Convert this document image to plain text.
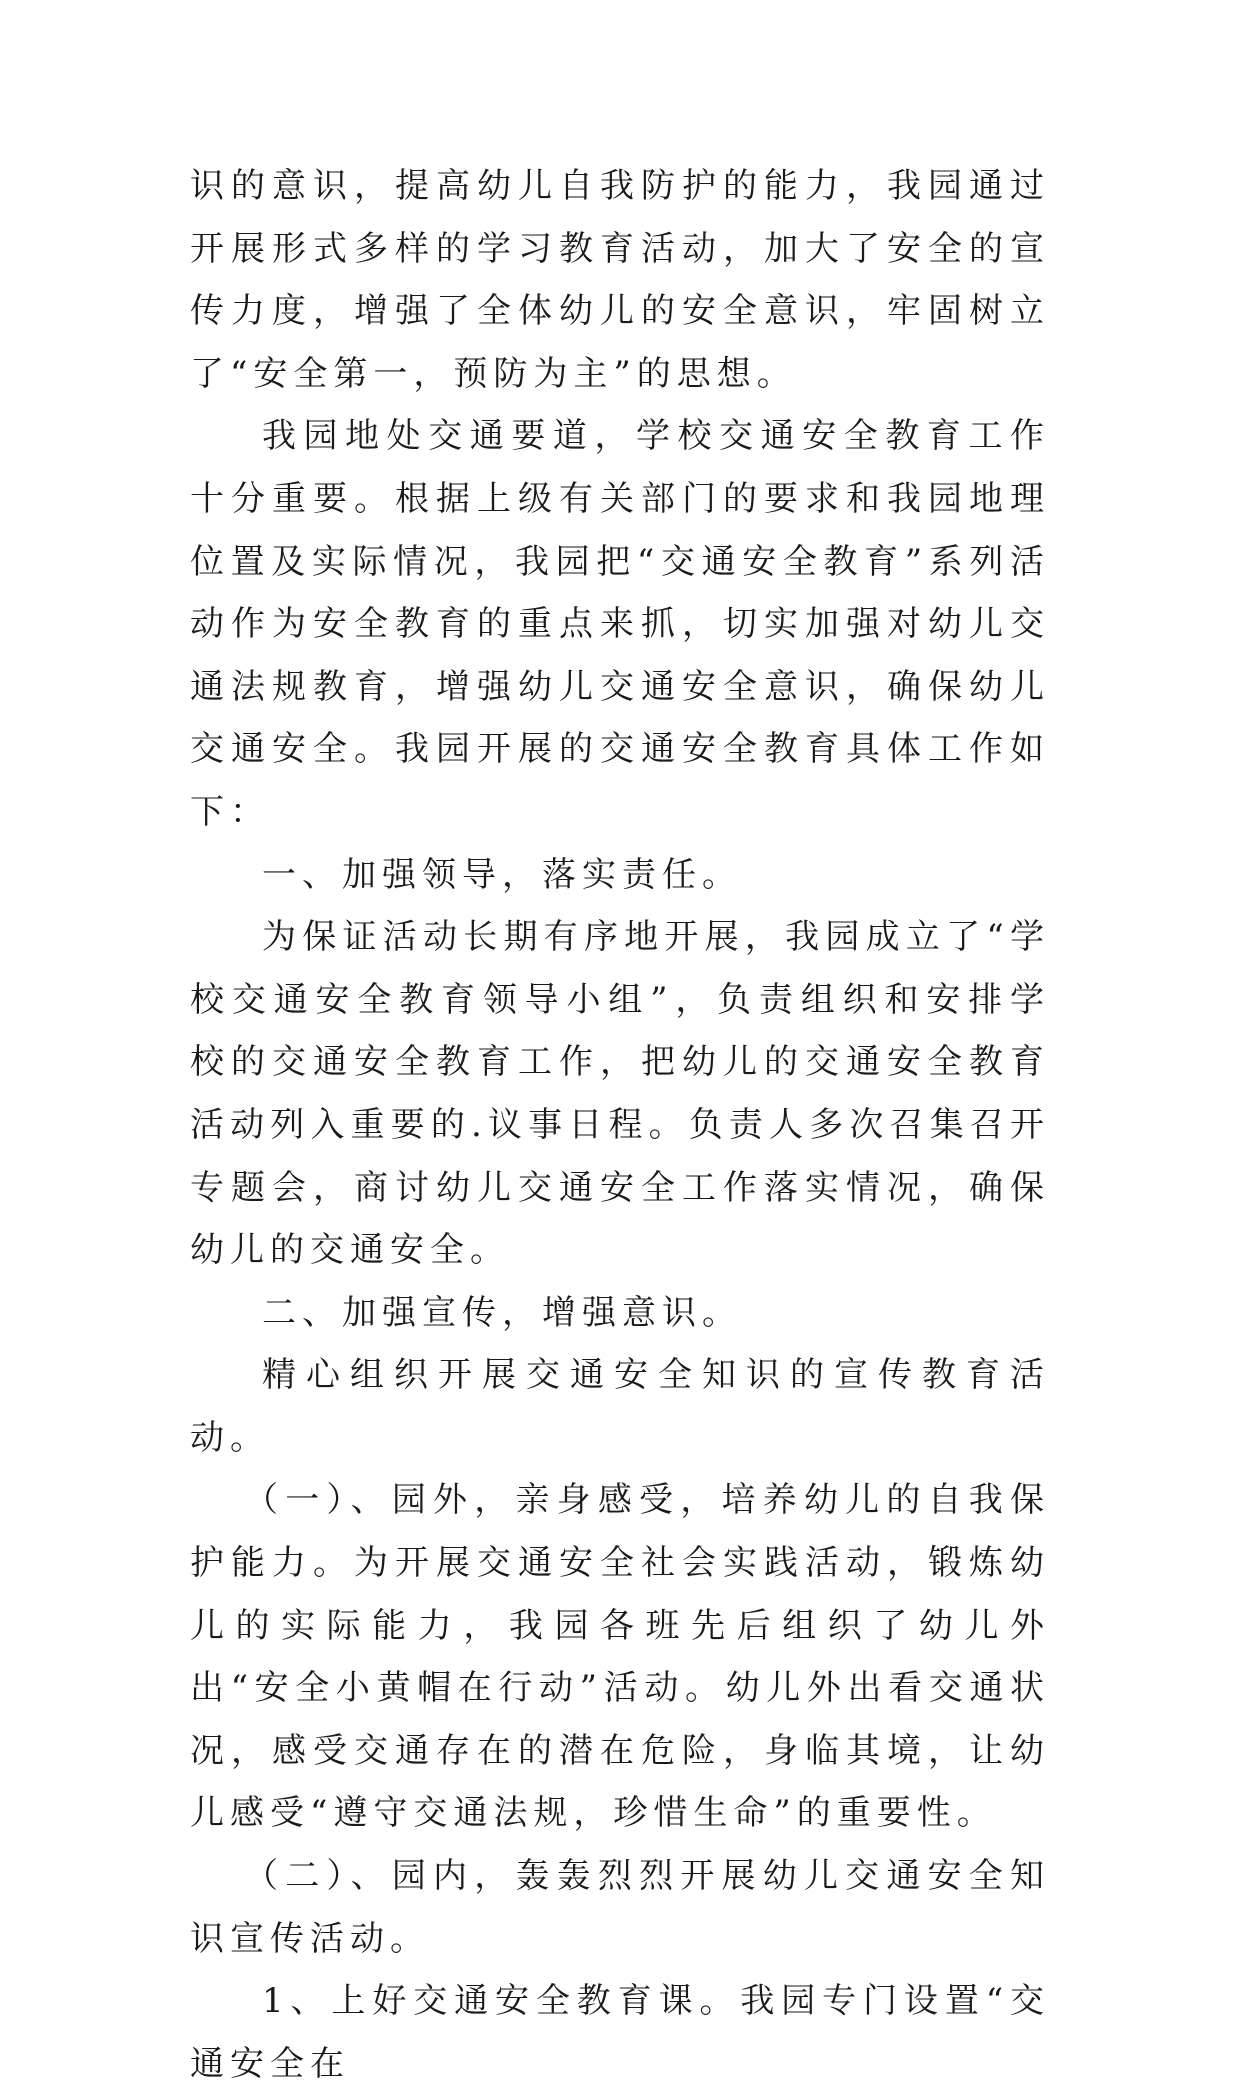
识的意识，提高幼儿自我防护的能力，我园通过开展形式多样的学习教育活动，加大了安全的宣传力度，增强了全体幼儿的安全意识，牢固树立了“安全第一，预防为主”的思想。

我园地处交通要道，学校交通安全教育工作十分重要。根据上级有关部门的要求和我园地理位置及实际情况，我园把“交通安全教育”系列活动作为安全教育的重点来抓，切实加强对幼儿交通法规教育，增强幼儿交通安全意识，确保幼儿交通安全。我园开展的交通安全教育具体工作如下：

一、加强领导，落实责任。

为保证活动长期有序地开展，我园成立了“学校交通安全教育领导小组”，负责组织和安排学校的交通安全教育工作，把幼儿的交通安全教育活动列入重要的.议事日程。负责人多次召集召开专题会，商讨幼儿交通安全工作落实情况，确保幼儿的交通安全。

二、加强宣传，增强意识。

精心组织开展交通安全知识的宣传教育活动。

（一）、园外，亲身感受，培养幼儿的自我保护能力。为开展交通安全社会实践活动，锻炼幼儿的实际能力，我园各班先后组织了幼儿外出“安全小黄帽在行动”活动。幼儿外出看交通状况，感受交通存在的潜在危险，身临其境，让幼儿感受“遵守交通法规，珍惜生命”的重要性。

（二）、园内，轰轰烈烈开展幼儿交通安全知识宣传活动。

1、上好交通安全教育课。我园专门设置“交通安全在
